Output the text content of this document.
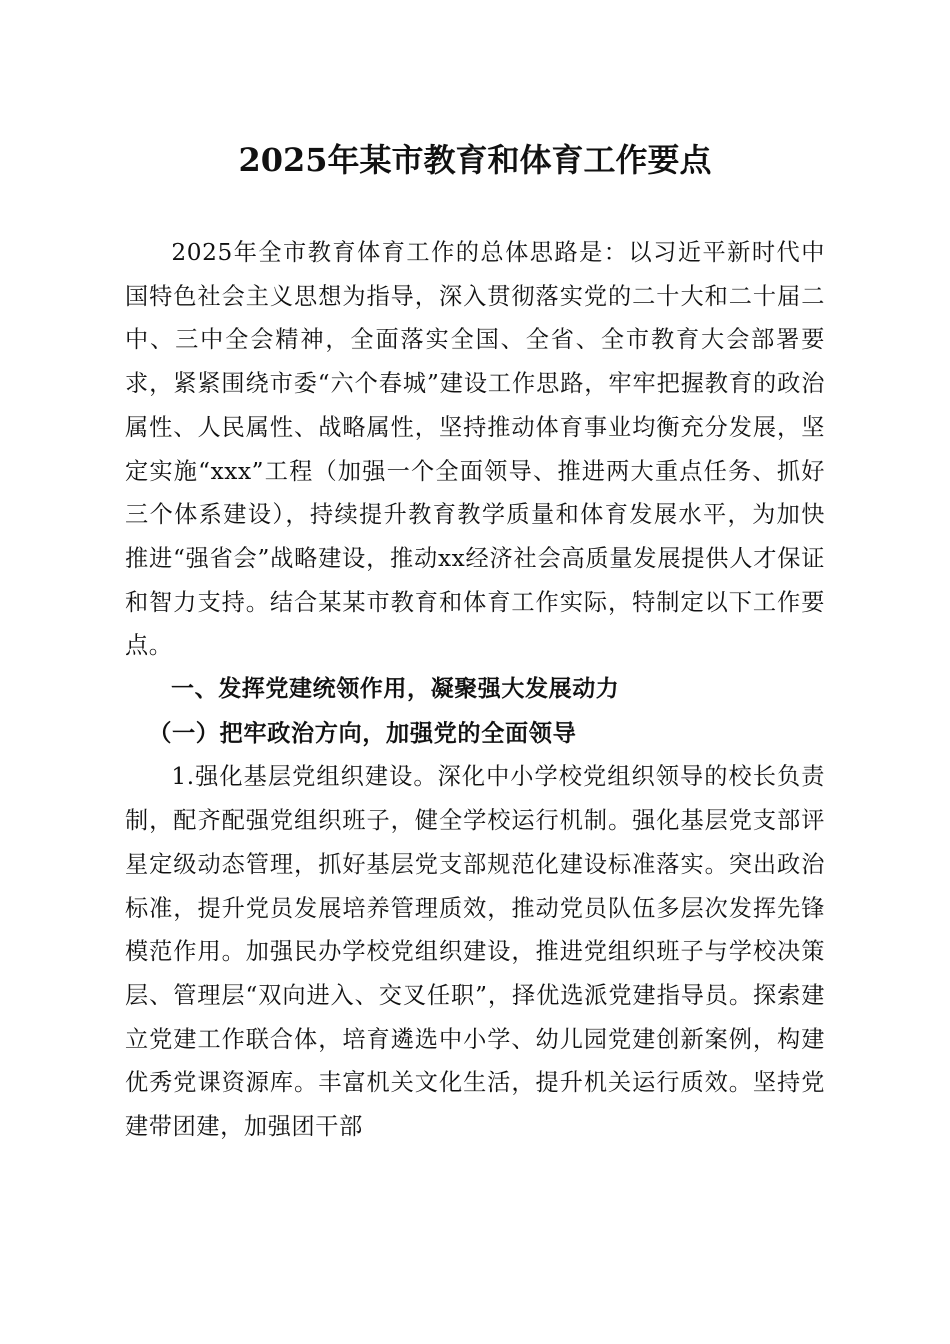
2025年某市教育和体育工作要点

2025年全市教育体育工作的总体思路是：以习近平新时代中国特色社会主义思想为指导，深入贯彻落实党的二十大和二十届二中、三中全会精神，全面落实全国、全省、全市教育大会部署要求，紧紧围绕市委“六个春城”建设工作思路，牢牢把握教育的政治属性、人民属性、战略属性，坚持推动体育事业均衡充分发展，坚定实施“xxx”工程（加强一个全面领导、推进两大重点任务、抓好三个体系建设），持续提升教育教学质量和体育发展水平，为加快推进“强省会”战略建设，推动xx经济社会高质量发展提供人才保证和智力支持。结合某某市教育和体育工作实际，特制定以下工作要点。

一、发挥党建统领作用，凝聚强大发展动力

（一）把牢政治方向，加强党的全面领导

1.强化基层党组织建设。深化中小学校党组织领导的校长负责制，配齐配强党组织班子，健全学校运行机制。强化基层党支部评星定级动态管理，抓好基层党支部规范化建设标准落实。突出政治标准，提升党员发展培养管理质效，推动党员队伍多层次发挥先锋模范作用。加强民办学校党组织建设，推进党组织班子与学校决策层、管理层“双向进入、交叉任职”，择优选派党建指导员。探索建立党建工作联合体，培育遴选中小学、幼儿园党建创新案例，构建优秀党课资源库。丰富机关文化生活，提升机关运行质效。坚持党建带团建，加强团干部
